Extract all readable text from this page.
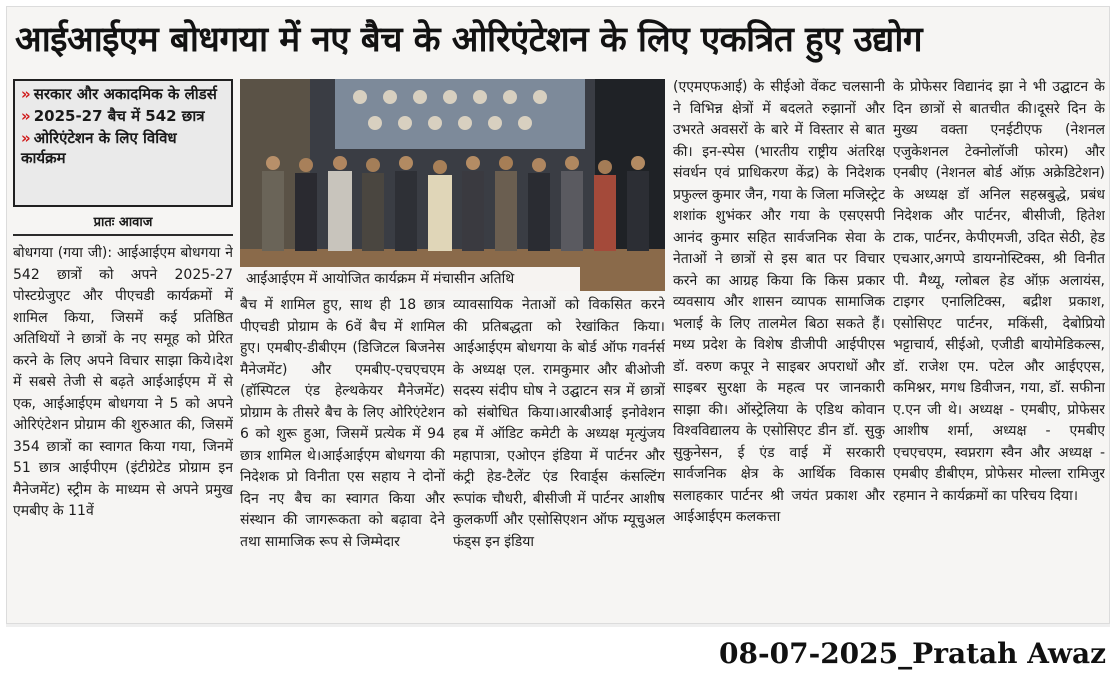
आईआईएम बोधगया में नए बैच के ओरिएंटेशन के लिए एकत्रित हुए उद्योग
» सरकार और अकादमिक के लीडर्स
» 2025-27 बैच में 542 छात्र
» ओरिएंटेशन के लिए विविध कार्यक्रम
प्रातः आवाज

बोधगया (गया जी): आईआईएम बोधगया ने 542 छात्रों को अपने 2025-27 पोस्टग्रेजुएट और पीएचडी कार्यक्रमों में शामिल किया, जिसमें कई प्रतिष्ठित अतिथियों ने छात्रों के नए समूह को प्रेरित करने के लिए अपने विचार साझा किये।देश में सबसे तेजी से बढ़ते आईआईएम में से एक, आईआईएम बोधगया ने 5 को अपने ओरिएंटेशन प्रोग्राम की शुरुआत की, जिसमें 354 छात्रों का स्वागत किया गया, जिनमें 51 छात्र आईपीएम (इंटीग्रेटेड प्रोग्राम इन मैनेजमेंट) स्ट्रीम के माध्यम से अपने प्रमुख एमबीए के 11वें

आईआईएम में आयोजित कार्यक्रम में मंचासीन अतिथि

बैच में शामिल हुए, साथ ही 18 छात्र पीएचडी प्रोग्राम के 6वें बैच में शामिल हुए। एमबीए-डीबीएम (डिजिटल बिजनेस मैनेजमेंट) और एमबीए-एचएचएम (हॉस्पिटल एंड हेल्थकेयर मैनेजमेंट) प्रोग्राम के तीसरे बैच के लिए ओरिएंटेशन 6 को शुरू हुआ, जिसमें प्रत्येक में 94 छात्र शामिल थे।आईआईएम बोधगया की निदेशक प्रो विनीता एस सहाय ने दोनों दिन नए बैच का स्वागत किया और संस्थान की जागरूकता को बढ़ावा देने तथा सामाजिक रूप से जिम्मेदार

व्यावसायिक नेताओं को विकसित करने की प्रतिबद्धता को रेखांकित किया। आईआईएम बोधगया के बोर्ड ऑफ गवर्नर्स के अध्यक्ष एल. रामकुमार और बीओजी सदस्य संदीप घोष ने उद्घाटन सत्र में छात्रों को संबोधित किया।आरबीआई इनोवेशन हब में ऑडिट कमेटी के अध्यक्ष मृत्युंजय महापात्रा, एओएन इंडिया में पार्टनर और कंट्री हेड-टैलेंट एंड रिवार्ड्स कंसल्टिंग रूपांक चौधरी, बीसीजी में पार्टनर आशीष कुलकर्णी और एसोसिएशन ऑफ म्यूचुअल फंड्स इन इंडिया

(एएमएफआई) के सीईओ वेंकट चलसानी ने विभिन्न क्षेत्रों में बदलते रुझानों और उभरते अवसरों के बारे में विस्तार से बात की। इन-स्पेस (भारतीय राष्ट्रीय अंतरिक्ष संवर्धन एवं प्राधिकरण केंद्र) के निदेशक प्रफुल्ल कुमार जैन, गया के जिला मजिस्ट्रेट शशांक शुभंकर और गया के एसएसपी आनंद कुमार सहित सार्वजनिक सेवा के नेताओं ने छात्रों से इस बात पर विचार करने का आग्रह किया कि किस प्रकार व्यवसाय और शासन व्यापक सामाजिक भलाई के लिए तालमेल बिठा सकते हैं। मध्य प्रदेश के विशेष डीजीपी आईपीएस डॉ. वरुण कपूर ने साइबर अपराधों और साइबर सुरक्षा के महत्व पर जानकारी साझा की। ऑस्ट्रेलिया के एडिथ कोवान विश्वविद्यालय के एसोसिएट डीन डॉ. सुकु सुकुनेसन, ई एंड वाई में सरकारी सार्वजनिक क्षेत्र के आर्थिक विकास सलाहकार पार्टनर श्री जयंत प्रकाश और आईआईएम कलकत्ता

के प्रोफेसर विद्यानंद झा ने भी उद्घाटन के दिन छात्रों से बातचीत की।दूसरे दिन के मुख्य वक्ता एनईटीएफ (नेशनल एजुकेशनल टेक्नोलॉजी फोरम) और एनबीए (नेशनल बोर्ड ऑफ़ अक्रेडिटेशन) के अध्यक्ष डॉ अनिल सहस्रबुद्धे, प्रबंध निदेशक और पार्टनर, बीसीजी, हितेश टाक, पार्टनर, केपीएमजी, उदित सेठी, हेड एचआर,अगप्पे डायग्नोस्टिक्स, श्री विनीत पी. मैथ्यू, ग्लोबल हेड ऑफ़ अलायंस, टाइगर एनालिटिक्स, बद्रीश प्रकाश, एसोसिएट पार्टनर, मकिंसी, देबोप्रियो भट्टाचार्य, सीईओ, एजीडी बायोमेडिकल्स, डॉ. राजेश एम. पटेल और आईएएस, कमिश्नर, मगध डिवीजन, गया, डॉ. सफीना ए.एन जी थे। अध्यक्ष - एमबीए, प्रोफेसर आशीष शर्मा, अध्यक्ष - एमबीए एचएचएम, स्वप्नराग स्वैन और अध्यक्ष - एमबीए डीबीएम, प्रोफेसर मोल्ला रामिजुर रहमान ने कार्यक्रमों का परिचय दिया।

08-07-2025_Pratah Awaz
